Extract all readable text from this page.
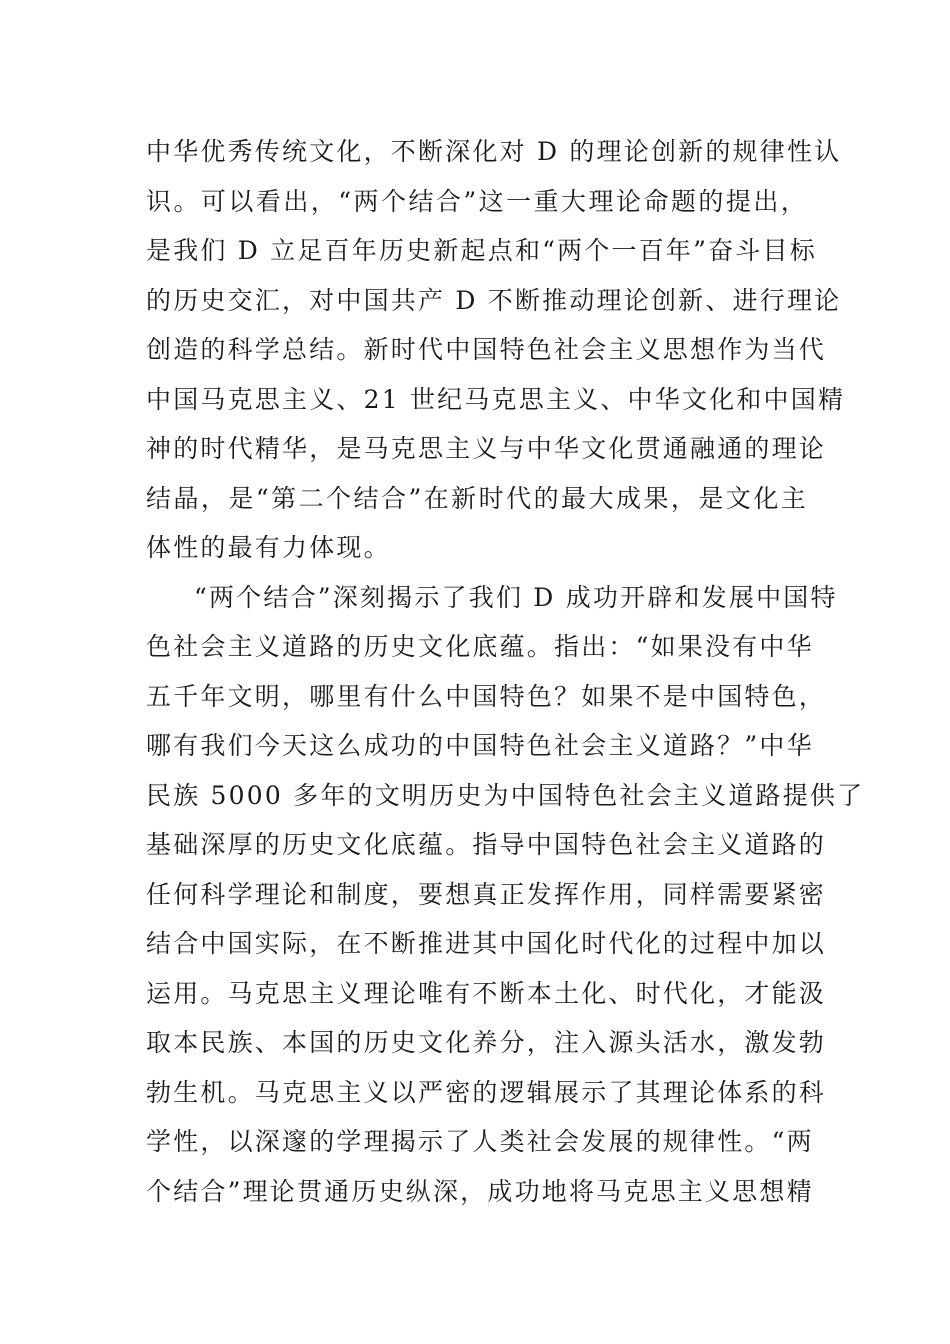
中华优秀传统文化，不断深化对 D 的理论创新的规律性认
识。可以看出，“两个结合”这一重大理论命题的提出，
是我们 D 立足百年历史新起点和“两个一百年”奋斗目标
的历史交汇，对中国共产 D 不断推动理论创新、进行理论
创造的科学总结。新时代中国特色社会主义思想作为当代
中国马克思主义、21 世纪马克思主义、中华文化和中国精
神的时代精华，是马克思主义与中华文化贯通融通的理论
结晶，是“第二个结合”在新时代的最大成果，是文化主
体性的最有力体现。
“两个结合”深刻揭示了我们 D 成功开辟和发展中国特
色社会主义道路的历史文化底蕴。指出：“如果没有中华
五千年文明，哪里有什么中国特色？如果不是中国特色，
哪有我们今天这么成功的中国特色社会主义道路？”中华
民族 5000 多年的文明历史为中国特色社会主义道路提供了
基础深厚的历史文化底蕴。指导中国特色社会主义道路的
任何科学理论和制度，要想真正发挥作用，同样需要紧密
结合中国实际，在不断推进其中国化时代化的过程中加以
运用。马克思主义理论唯有不断本土化、时代化，才能汲
取本民族、本国的历史文化养分，注入源头活水，激发勃
勃生机。马克思主义以严密的逻辑展示了其理论体系的科
学性，以深邃的学理揭示了人类社会发展的规律性。“两
个结合”理论贯通历史纵深，成功地将马克思主义思想精
